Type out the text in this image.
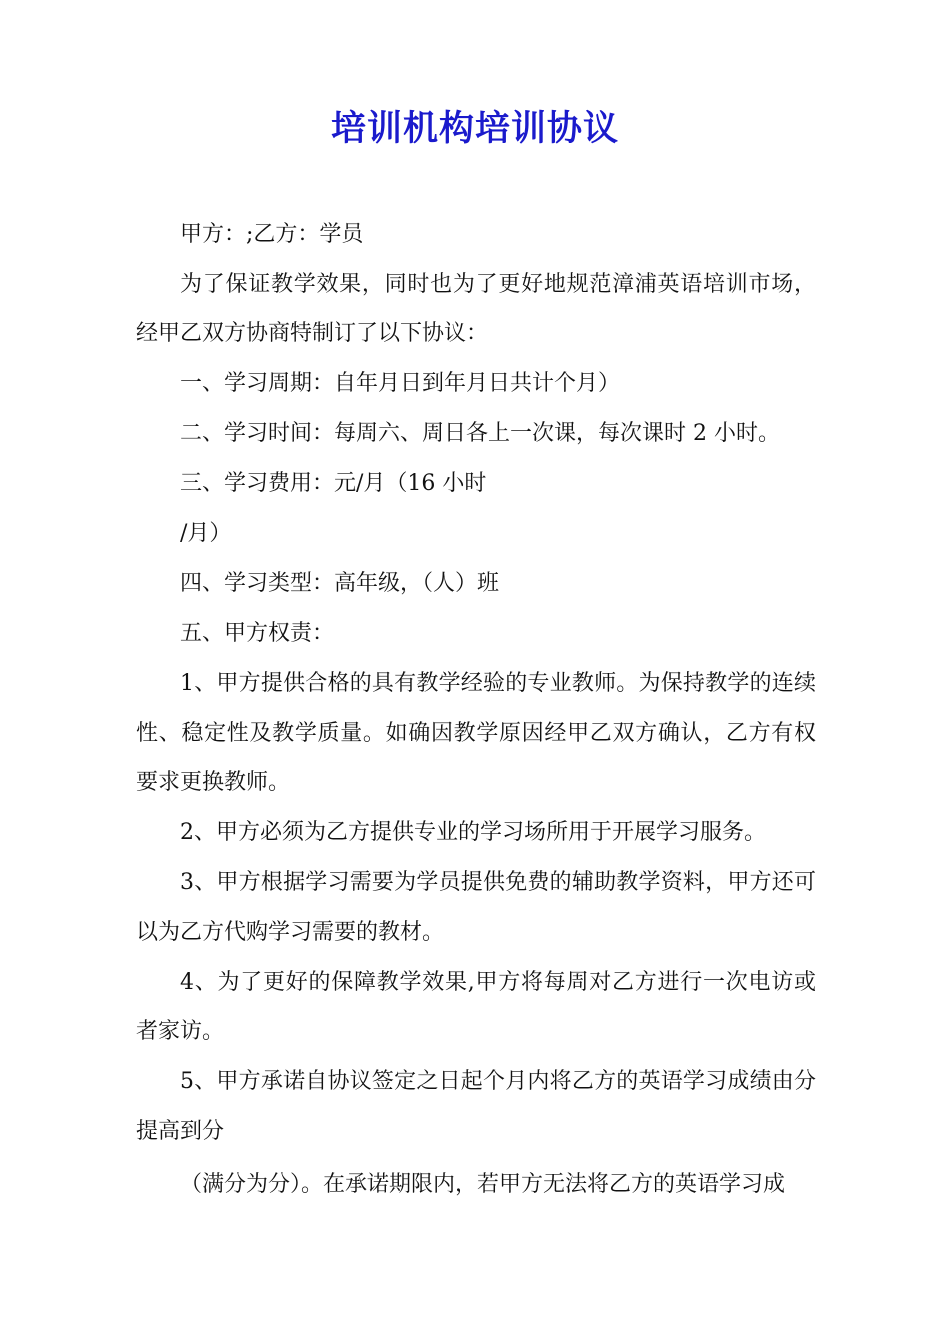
培训机构培训协议
甲方：;乙方：学员
为了保证教学效果，同时也为了更好地规范漳浦英语培训市场，
经甲乙双方协商特制订了以下协议：
一、学习周期：自年月日到年月日共计个月）
二、学习时间：每周六、周日各上一次课，每次课时 2 小时。
三、学习费用：元/月（16 小时
/月）
四、学习类型：高年级，（人）班
五、甲方权责：
1、甲方提供合格的具有教学经验的专业教师。为保持教学的连续
性、稳定性及教学质量。如确因教学原因经甲乙双方确认，乙方有权
要求更换教师。
2、甲方必须为乙方提供专业的学习场所用于开展学习服务。
3、甲方根据学习需要为学员提供免费的辅助教学资料，甲方还可
以为乙方代购学习需要的教材。
4、为了更好的保障教学效果,甲方将每周对乙方进行一次电访或
者家访。
5、甲方承诺自协议签定之日起个月内将乙方的英语学习成绩由分
提高到分
（满分为分）。在承诺期限内，若甲方无法将乙方的英语学习成
